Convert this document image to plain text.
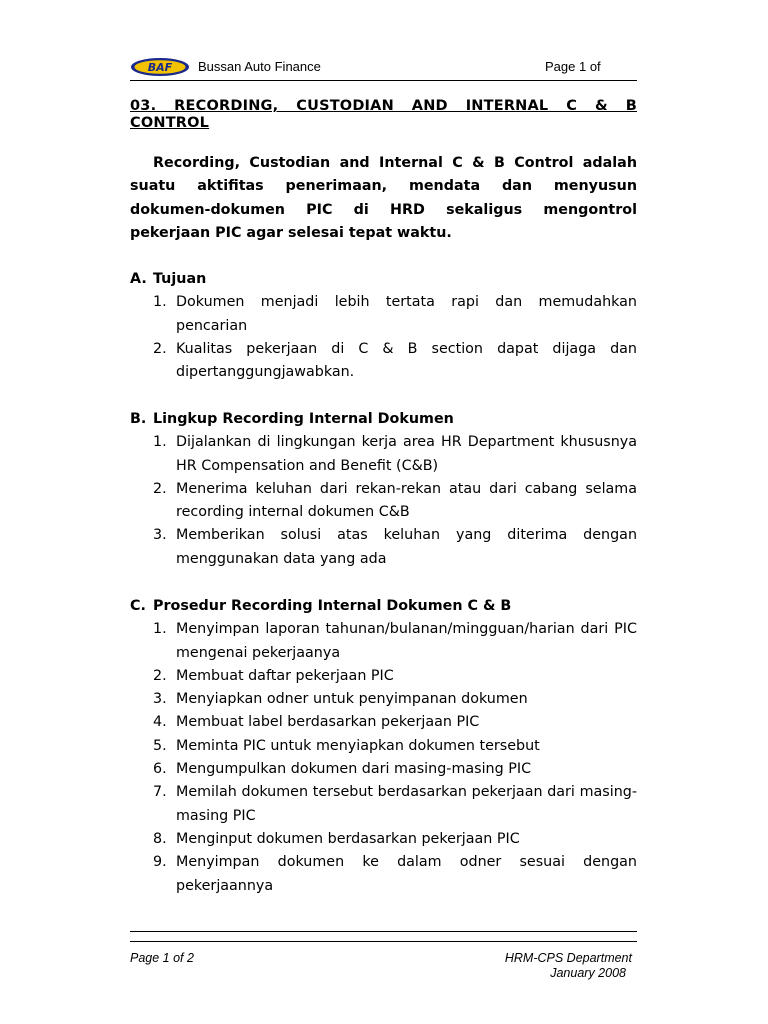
BAF Bussan Auto Finance	Page 1 of
03. RECORDING, CUSTODIAN AND INTERNAL C & B
CONTROL
Recording, Custodian and Internal C & B Control adalah suatu aktifitas penerimaan, mendata dan menyusun dokumen-dokumen PIC di HRD sekaligus mengontrol pekerjaan PIC agar selesai tepat waktu.
A. Tujuan
1. Dokumen menjadi lebih tertata rapi dan memudahkan pencarian
2. Kualitas pekerjaan di C & B section dapat dijaga dan dipertanggungjawabkan.
B. Lingkup Recording Internal Dokumen
1. Dijalankan di lingkungan kerja area HR Department khususnya HR Compensation and Benefit (C&B)
2. Menerima keluhan dari rekan-rekan atau dari cabang selama recording internal dokumen C&B
3. Memberikan solusi atas keluhan yang diterima dengan menggunakan data yang ada
C. Prosedur Recording Internal Dokumen C & B
1. Menyimpan laporan tahunan/bulanan/mingguan/harian dari PIC mengenai pekerjaanya
2. Membuat daftar pekerjaan PIC
3. Menyiapkan odner untuk penyimpanan dokumen
4. Membuat label berdasarkan pekerjaan PIC
5. Meminta PIC untuk menyiapkan dokumen tersebut
6. Mengumpulkan dokumen dari masing-masing PIC
7. Memilah dokumen tersebut berdasarkan pekerjaan dari masing-masing PIC
8. Menginput dokumen berdasarkan pekerjaan PIC
9. Menyimpan dokumen ke dalam odner sesuai dengan pekerjaannya
Page 1 of 2	HRM-CPS Department
January 2008
